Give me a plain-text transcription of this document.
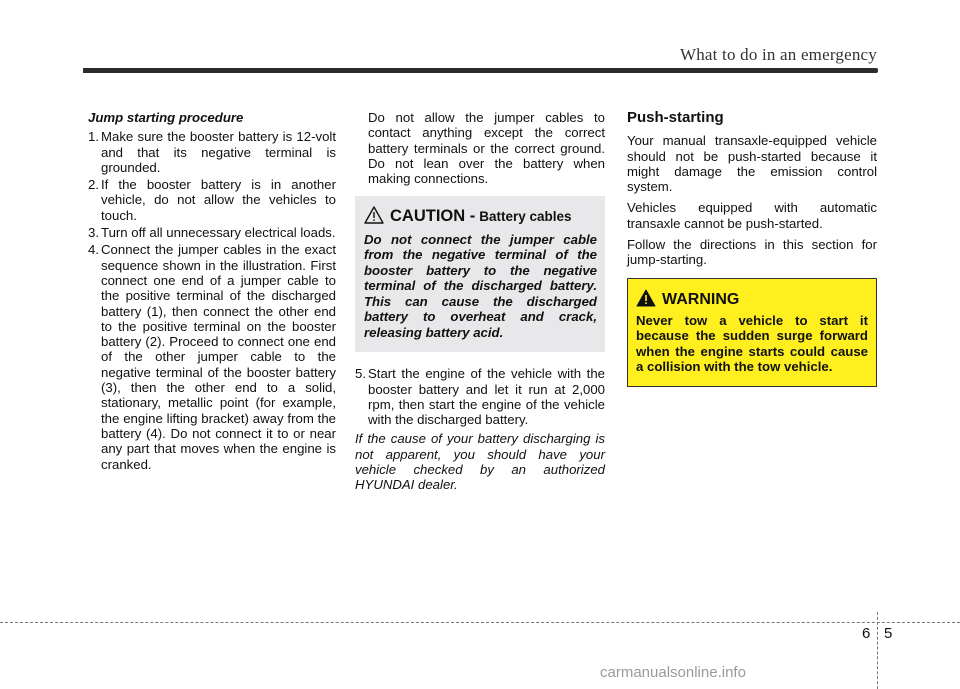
What to do in an emergency
Jump starting procedure
1. Make sure the booster battery is 12-volt and that its negative terminal is grounded.
2. If the booster battery is in another vehicle, do not allow the vehicles to touch.
3. Turn off all unnecessary electrical loads.
4. Connect the jumper cables in the exact sequence shown in the illustration. First connect one end of a jumper cable to the positive terminal of the discharged battery (1), then connect the other end to the positive terminal on the booster battery (2). Proceed to connect one end of the other jumper cable to the negative terminal of the booster battery (3), then the other end to a solid, stationary, metallic point (for example, the engine lifting bracket) away from the battery (4). Do not connect it to or near any part that moves when the engine is cranked.
Do not allow the jumper cables to contact anything except the correct battery terminals or the correct ground. Do not lean over the battery when making connections.
CAUTION - Battery cables
Do not connect the jumper cable from the negative terminal of the booster battery to the negative terminal of the discharged battery. This can cause the discharged battery to overheat and crack, releasing battery acid.
5. Start the engine of the vehicle with the booster battery and let it run at 2,000 rpm, then start the engine of the vehicle with the discharged battery.
If the cause of your battery discharging is not apparent, you should have your vehicle checked by an authorized HYUNDAI dealer.
Push-starting
Your manual transaxle-equipped vehicle should not be push-started because it might damage the emission control system.
Vehicles equipped with automatic transaxle cannot be push-started.
Follow the directions in this section for jump-starting.
WARNING
Never tow a vehicle to start it because the sudden surge forward when the engine starts could cause a collision with the tow vehicle.
6 5
carmanualsonline.info
